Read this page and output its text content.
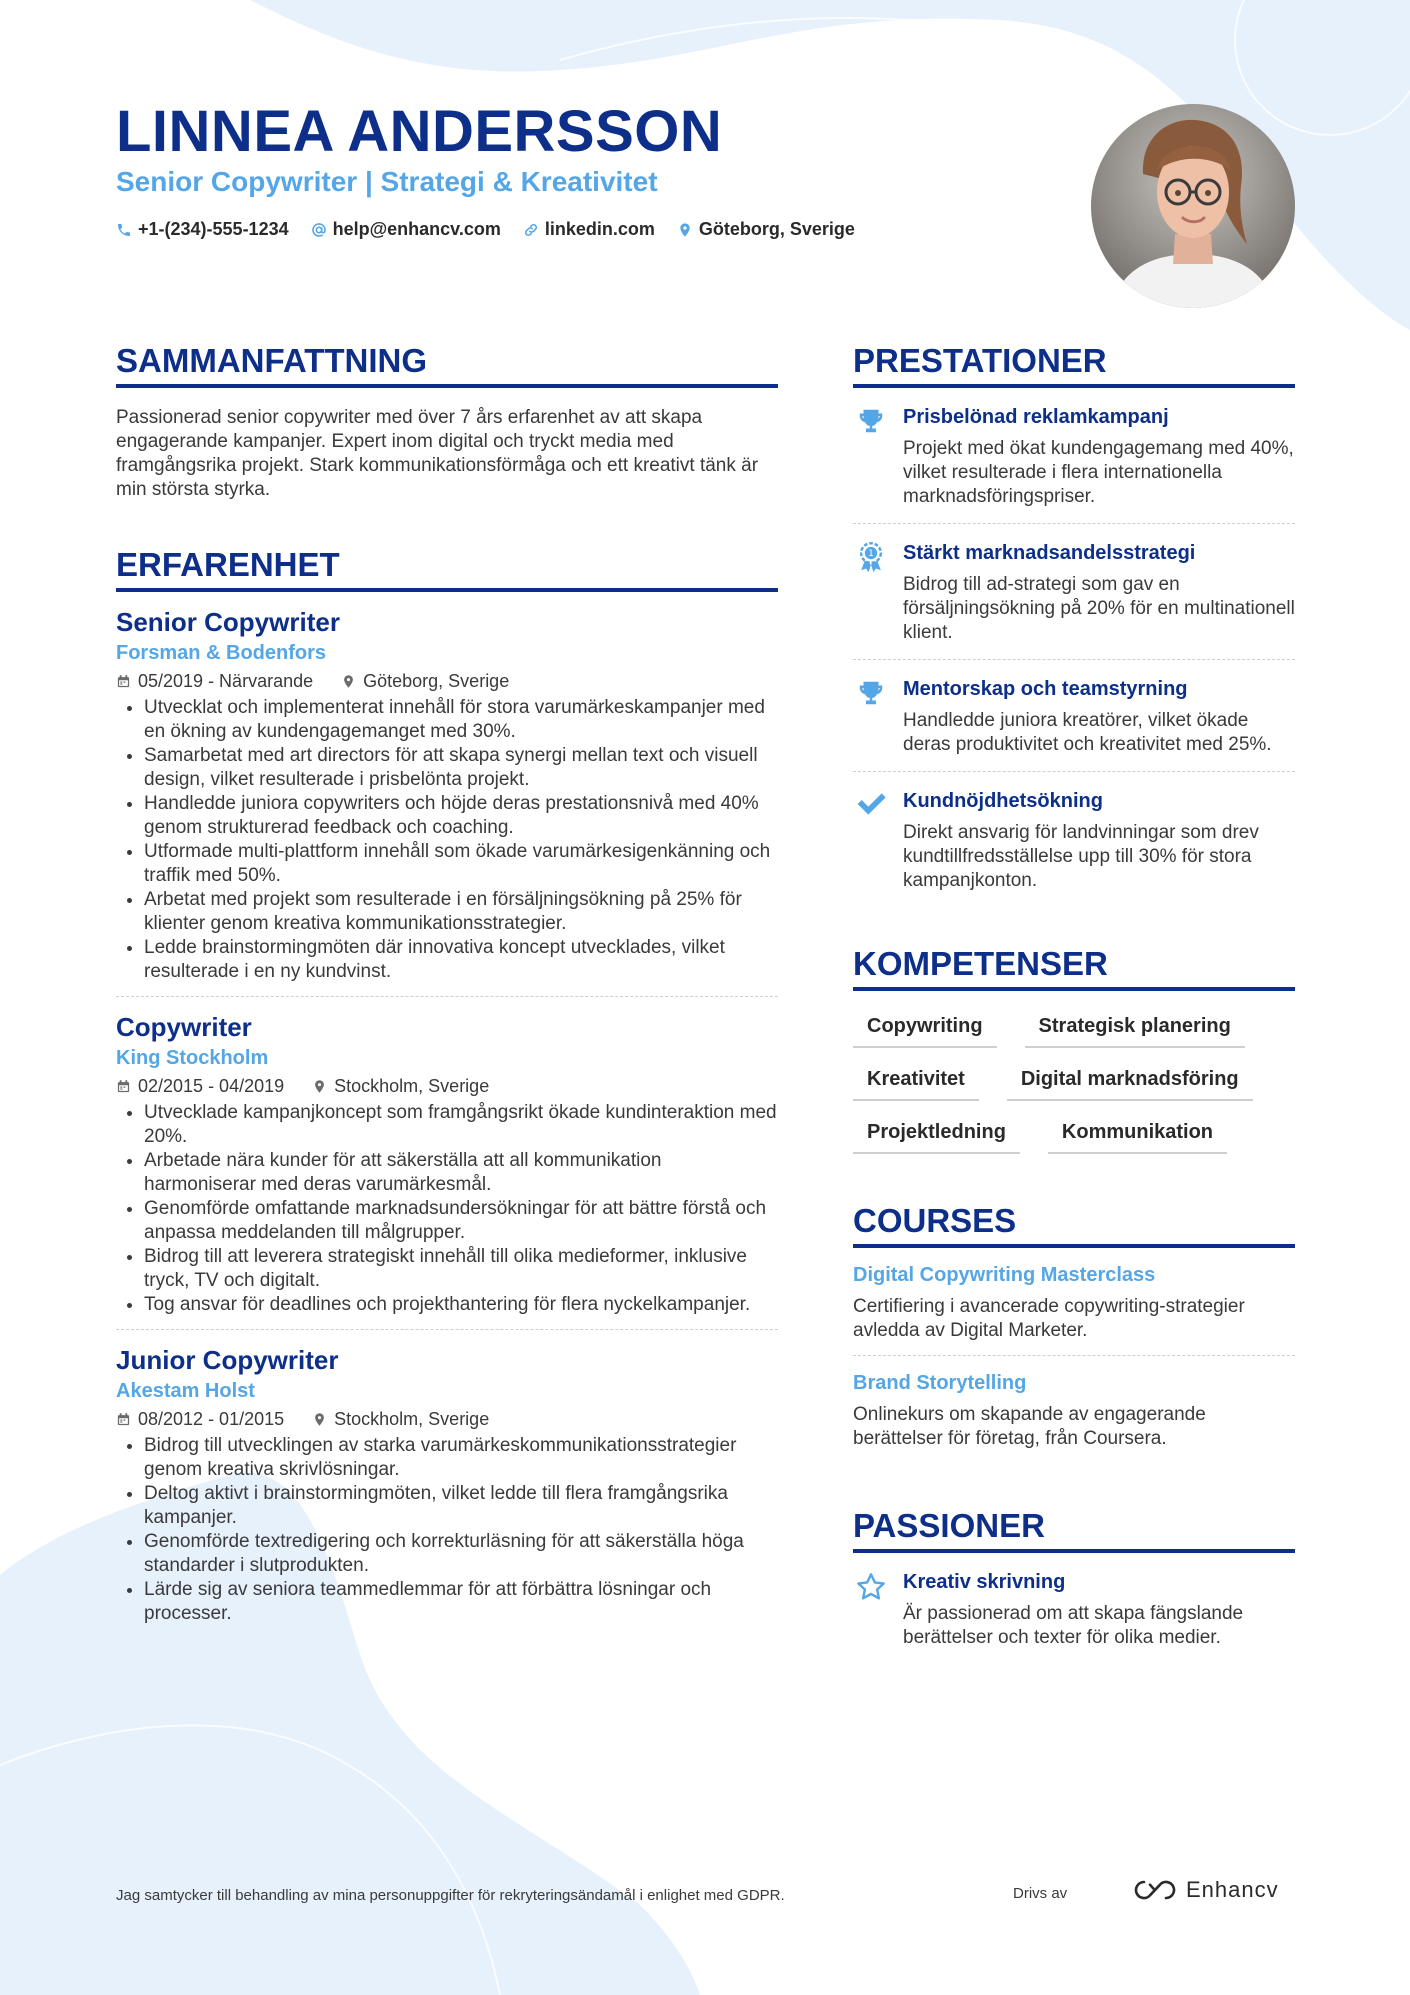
LINNEA ANDERSSON
Senior Copywriter | Strategi & Kreativitet
+1-(234)-555-1234 help@enhancv.com linkedin.com Göteborg, Sverige
SAMMANFATTNING

Passionerad senior copywriter med över 7 års erfarenhet av att skapa engagerande kampanjer. Expert inom digital och tryckt media med framgångsrika projekt. Stark kommunikationsförmåga och ett kreativt tänk är min största styrka.

ERFARENHET
Senior Copywriter
Forsman & Bodenfors
05/2019 - Närvarande	Göteborg, Sverige
• Utvecklat och implementerat innehåll för stora varumärkeskampanjer med en ökning av kundengagemanget med 30%.
• Samarbetat med art directors för att skapa synergi mellan text och visuell design, vilket resulterade i prisbelönta projekt.
• Handledde juniora copywriters och höjde deras prestationsnivå med 40% genom strukturerad feedback och coaching.
• Utformade multi-plattform innehåll som ökade varumärkesigenkänning och traffik med 50%.
• Arbetat med projekt som resulterade i en försäljningsökning på 25% för klienter genom kreativa kommunikationsstrategier.
• Ledde brainstormingmöten där innovativa koncept utvecklades, vilket resulterade i en ny kundvinst.
Copywriter
King Stockholm
02/2015 - 04/2019	Stockholm, Sverige
• Utvecklade kampanjkoncept som framgångsrikt ökade kundinteraktion med 20%.
• Arbetade nära kunder för att säkerställa att all kommunikation harmoniserar med deras varumärkesmål.
• Genomförde omfattande marknadsundersökningar för att bättre förstå och anpassa meddelanden till målgrupper.
• Bidrog till att leverera strategiskt innehåll till olika medieformer, inklusive tryck, TV och digitalt.
• Tog ansvar för deadlines och projekthantering för flera nyckelkampanjer.
Junior Copywriter
Akestam Holst
08/2012 - 01/2015	Stockholm, Sverige
• Bidrog till utvecklingen av starka varumärkeskommunikationsstrategier genom kreativa skrivlösningar.
• Deltog aktivt i brainstormingmöten, vilket ledde till flera framgångsrika kampanjer.
• Genomförde textredigering och korrekturläsning för att säkerställa höga standarder i slutprodukten.
• Lärde sig av seniora teammedlemmar för att förbättra lösningar och processer.
PRESTATIONER
Prisbelönad reklamkampanj
Projekt med ökat kundengagemang med 40%, vilket resulterade i flera internationella marknadsföringspriser.
1 Stärkt marknadsandelsstrategi
Bidrog till ad-strategi som gav en försäljningsökning på 20% för en multinationell klient.
Mentorskap och teamstyrning
Handledde juniora kreatörer, vilket ökade deras produktivitet och kreativitet med 25%.
Kundnöjdhetsökning
Direkt ansvarig för landvinningar som drev kundtillfredsställelse upp till 30% för stora kampanjkonton.
KOMPETENSER
Copywriting	Strategisk planering
Kreativitet	Digital marknadsföring
Projektledning	Kommunikation
COURSES
Digital Copywriting Masterclass
Certifiering i avancerade copywriting-strategier avledda av Digital Marketer.
Brand Storytelling
Onlinekurs om skapande av engagerande berättelser för företag, från Coursera.
PASSIONER
Kreativ skrivning
Är passionerad om att skapa fängslande berättelser och texter för olika medier.
Jag samtycker till behandling av mina personuppgifter för rekryteringsändamål i enlighet med GDPR.	Drivs av	Enhancv
